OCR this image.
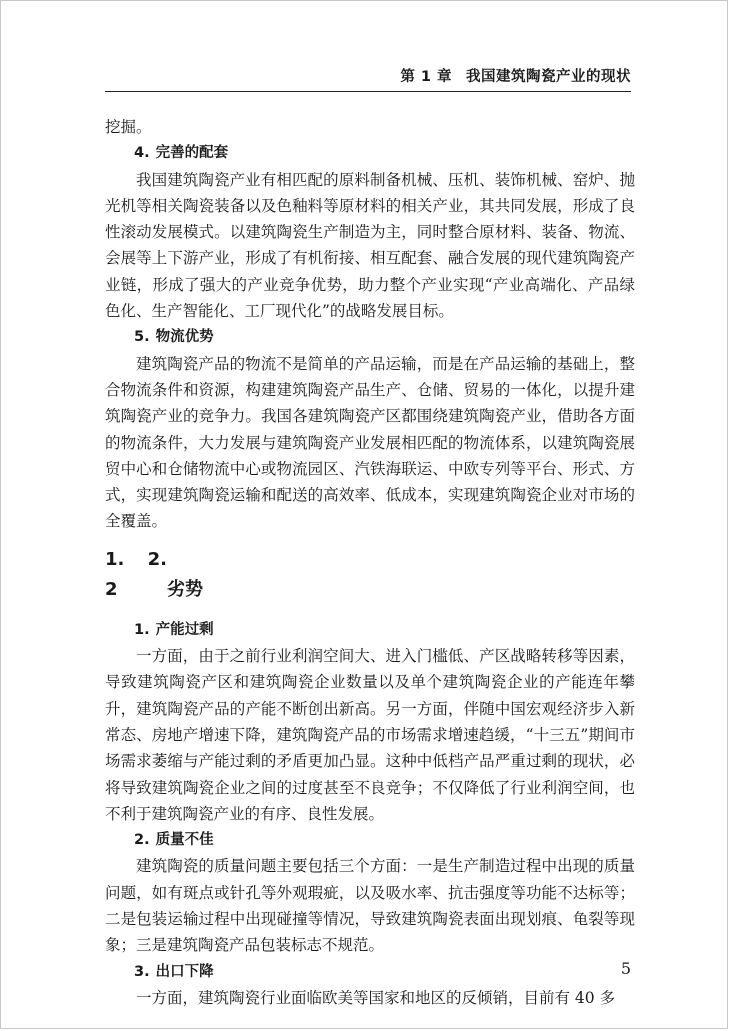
第 1 章 我国建筑陶瓷产业的现状

挖掘。

4. 完善的配套

我国建筑陶瓷产业有相匹配的原料制备机械、压机、装饰机械、窑炉、抛光机等相关陶瓷装备以及色釉料等原材料的相关产业，其共同发展，形成了良性滚动发展模式。以建筑陶瓷生产制造为主，同时整合原材料、装备、物流、会展等上下游产业，形成了有机衔接、相互配套、融合发展的现代建筑陶瓷产业链，形成了强大的产业竞争优势，助力整个产业实现“产业高端化、产品绿色化、生产智能化、工厂现代化”的战略发展目标。

5. 物流优势

建筑陶瓷产品的物流不是简单的产品运输，而是在产品运输的基础上，整合物流条件和资源，构建建筑陶瓷产品生产、仓储、贸易的一体化，以提升建筑陶瓷产业的竞争力。我国各建筑陶瓷产区都围绕建筑陶瓷产业，借助各方面的物流条件，大力发展与建筑陶瓷产业发展相匹配的物流体系，以建筑陶瓷展贸中心和仓储物流中心或物流园区、汽铁海联运、中欧专列等平台、形式、方式，实现建筑陶瓷运输和配送的高效率、低成本，实现建筑陶瓷企业对市场的全覆盖。

1. 2. 2	劣势

1. 产能过剩

一方面，由于之前行业利润空间大、进入门槛低、产区战略转移等因素，导致建筑陶瓷产区和建筑陶瓷企业数量以及单个建筑陶瓷企业的产能连年攀升，建筑陶瓷产品的产能不断创出新高。另一方面，伴随中国宏观经济步入新常态、房地产增速下降，建筑陶瓷产品的市场需求增速趋缓，“十三五”期间市场需求萎缩与产能过剩的矛盾更加凸显。这种中低档产品严重过剩的现状，必将导致建筑陶瓷企业之间的过度甚至不良竞争；不仅降低了行业利润空间，也不利于建筑陶瓷产业的有序、良性发展。

2. 质量不佳

建筑陶瓷的质量问题主要包括三个方面：一是生产制造过程中出现的质量问题，如有斑点或针孔等外观瑕疵，以及吸水率、抗击强度等功能不达标等；二是包装运输过程中出现碰撞等情况，导致建筑陶瓷表面出现划痕、龟裂等现象；三是建筑陶瓷产品包装标志不规范。

3. 出口下降

一方面，建筑陶瓷行业面临欧美等国家和地区的反倾销，目前有 40 多

5
